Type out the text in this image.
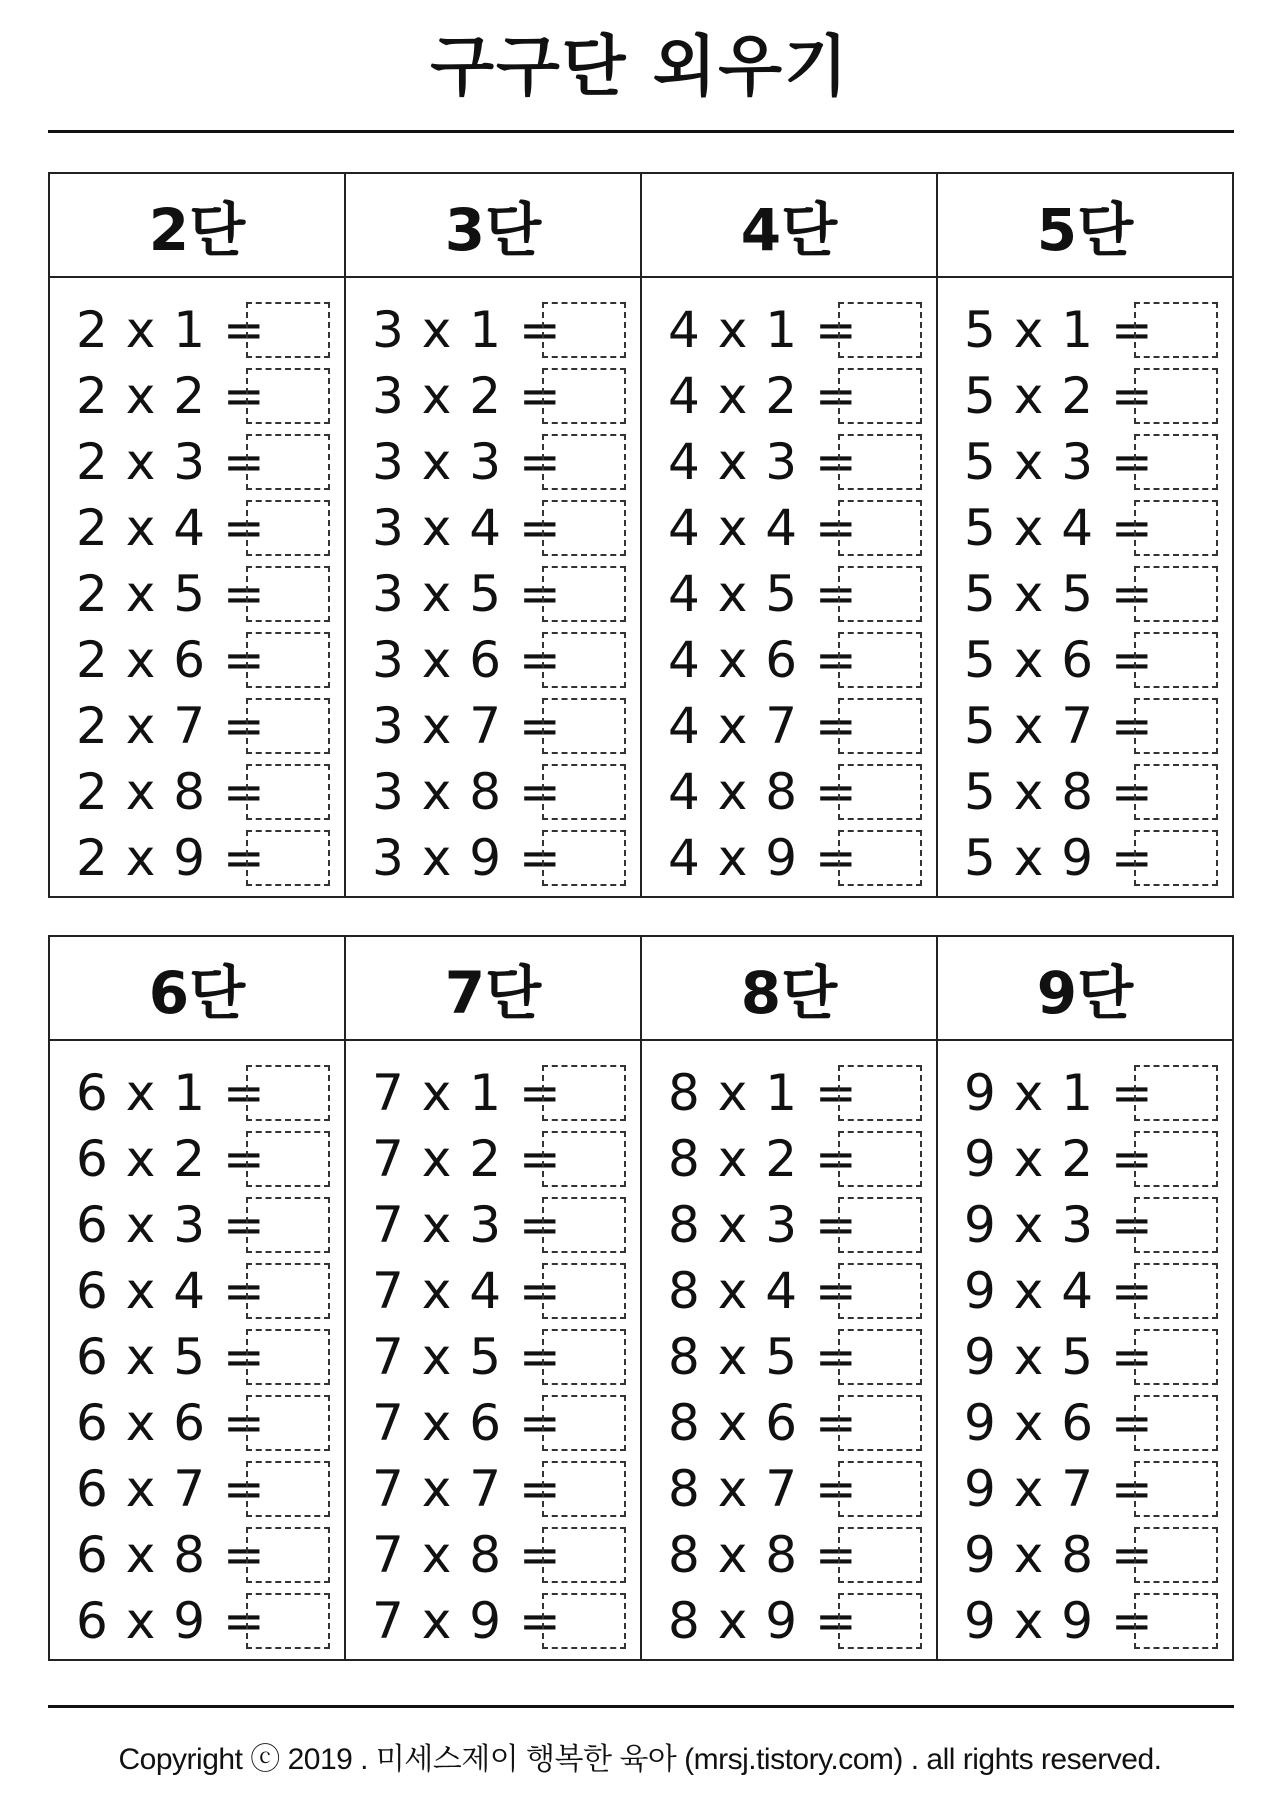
구구단 외우기
2단
2 x 1 =
2 x 2 =
2 x 3 =
2 x 4 =
2 x 5 =
2 x 6 =
2 x 7 =
2 x 8 =
2 x 9 =
3단
3 x 1 =
3 x 2 =
3 x 3 =
3 x 4 =
3 x 5 =
3 x 6 =
3 x 7 =
3 x 8 =
3 x 9 =
4단
4 x 1 =
4 x 2 =
4 x 3 =
4 x 4 =
4 x 5 =
4 x 6 =
4 x 7 =
4 x 8 =
4 x 9 =
5단
5 x 1 =
5 x 2 =
5 x 3 =
5 x 4 =
5 x 5 =
5 x 6 =
5 x 7 =
5 x 8 =
5 x 9 =
6단
6 x 1 =
6 x 2 =
6 x 3 =
6 x 4 =
6 x 5 =
6 x 6 =
6 x 7 =
6 x 8 =
6 x 9 =
7단
7 x 1 =
7 x 2 =
7 x 3 =
7 x 4 =
7 x 5 =
7 x 6 =
7 x 7 =
7 x 8 =
7 x 9 =
8단
8 x 1 =
8 x 2 =
8 x 3 =
8 x 4 =
8 x 5 =
8 x 6 =
8 x 7 =
8 x 8 =
8 x 9 =
9단
9 x 1 =
9 x 2 =
9 x 3 =
9 x 4 =
9 x 5 =
9 x 6 =
9 x 7 =
9 x 8 =
9 x 9 =
Copyright ⓒ 2019 . 미세스제이 행복한 육아 (mrsj.tistory.com) . all rights reserved.
